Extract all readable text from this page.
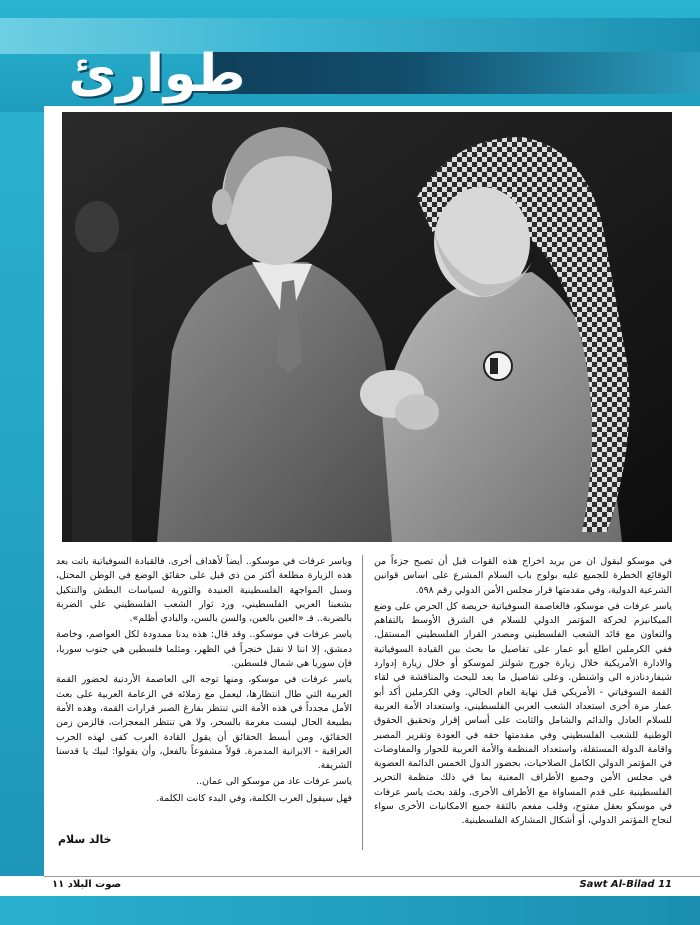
طوارئ

في موسكو ليقول ان من يريد اخراج هذه القوات قبل أن تصبح جزءاً من الوقائع الخطرة للجميع عليه بولوج باب السلام المشرع على اساس قوانين الشرعية الدولية، وفي مقدمتها قرار مجلس الأمن الدولي رقم ٥٩٨.

ياسر عرفات في موسكو، فالعاصمة السوفياتية حريصة كل الحرص على وضع الميكانيزم لحركة المؤتمر الدولي للسلام في الشرق الأوسط بالتفاهم والتعاون مع قائد الشعب الفلسطيني ومصدر القرار الفلسطيني المستقل. ففي الكرملين اطلع أبو عمار على تفاصيل ما بحث بين القيادة السوفياتية والادارة الأمريكية خلال زيارة جورج شولتز لموسكو أو خلال زيارة إدوارد شيفاردنادزه الى واشنطن. وعلى تفاصيل ما بعد للبحث والمناقشة في لقاء القمة السوفياتي - الأمريكي قبل نهاية العام الحالي. وفي الكرملين أكد أبو عمار مرة أخرى استعداد الشعب العربي الفلسطيني، واستعداد الأمة العربية للسلام العادل والدائم والشامل والثابت على أساس إقرار وتحقيق الحقوق الوطنية للشعب الفلسطيني وفي مقدمتها حقه في العودة وتقرير المصير واقامة الدولة المستقلة، واستعداد المنظمة والأمة العربية للحوار والمفاوضات في المؤتمر الدولي الكامل الصلاحيات، بحضور الدول الخمس الدائمة العضوية في مجلس الأمن وجميع الأطراف المعنية بما في ذلك منظمة التحرير الفلسطينية على قدم المساواة مع الأطراف الأخرى. ولقد بحث ياسر عرفات في موسكو بعقل مفتوح، وقلب مفعم بالثقة جميع الامكانيات الأخرى سواء لنجاح المؤتمر الدولي، أو أشكال المشاركة الفلسطينية.

وياسر عرفات في موسكو.. أيضاً لأهداف أخرى. فالقيادة السوفياتية باتت بعد هذه الزيارة مطلعة أكثر من ذي قبل على حقائق الوضع في الوطن المحتل، وسبل المواجهة الفلسطينية العنيدة والثورية لسياسات البطش والتنكيل بشعبنا العربي الفلسطيني، ورد ثوار الشعب الفلسطيني على الضربة بالضربة.. فـ «العين بالعين، والسن بالسن، والبادي أظلم».

ياسر عرفات في موسكو.. وقد قال: هذه يدنا ممدودة لكل العواصم، وخاصة دمشق، إلا اننا لا نقبل خنجراً في الظهر، ومثلما فلسطين هي جنوب سوريا، فإن سوريا هي شمال فلسطين.

ياسر عرفات في موسكو، ومنها توجه الى العاصمة الأردنية لحضور القمة العربية التي طال انتظارها، ليعمل مع زملائه في الزعامة العربية على بعث الأمل مجدداً في هذه الأمة التي تنتظر بفارغ الصبر قرارات القمة، وهذه الأمة بطبيعة الحال ليست مغرمة بالسحر، ولا هي تنتظر المعجزات، فالزمن زمن الحقائق، ومن أبسط الحقائق أن يقول القادة العرب كفى لهذه الحرب العراقية - الايرانية المدمرة. قولاً مشفوعاً بالفعل، وأن يقولوا: لبيك يا قدسنا الشريفة.

ياسر عرفات عاد من موسكو الى عمان..

فهل سيقول العرب الكلمة، وفي البدء كانت الكلمة.

خالد سلام
صوت البلاد ١١	Sawt Al-Bilad 11
